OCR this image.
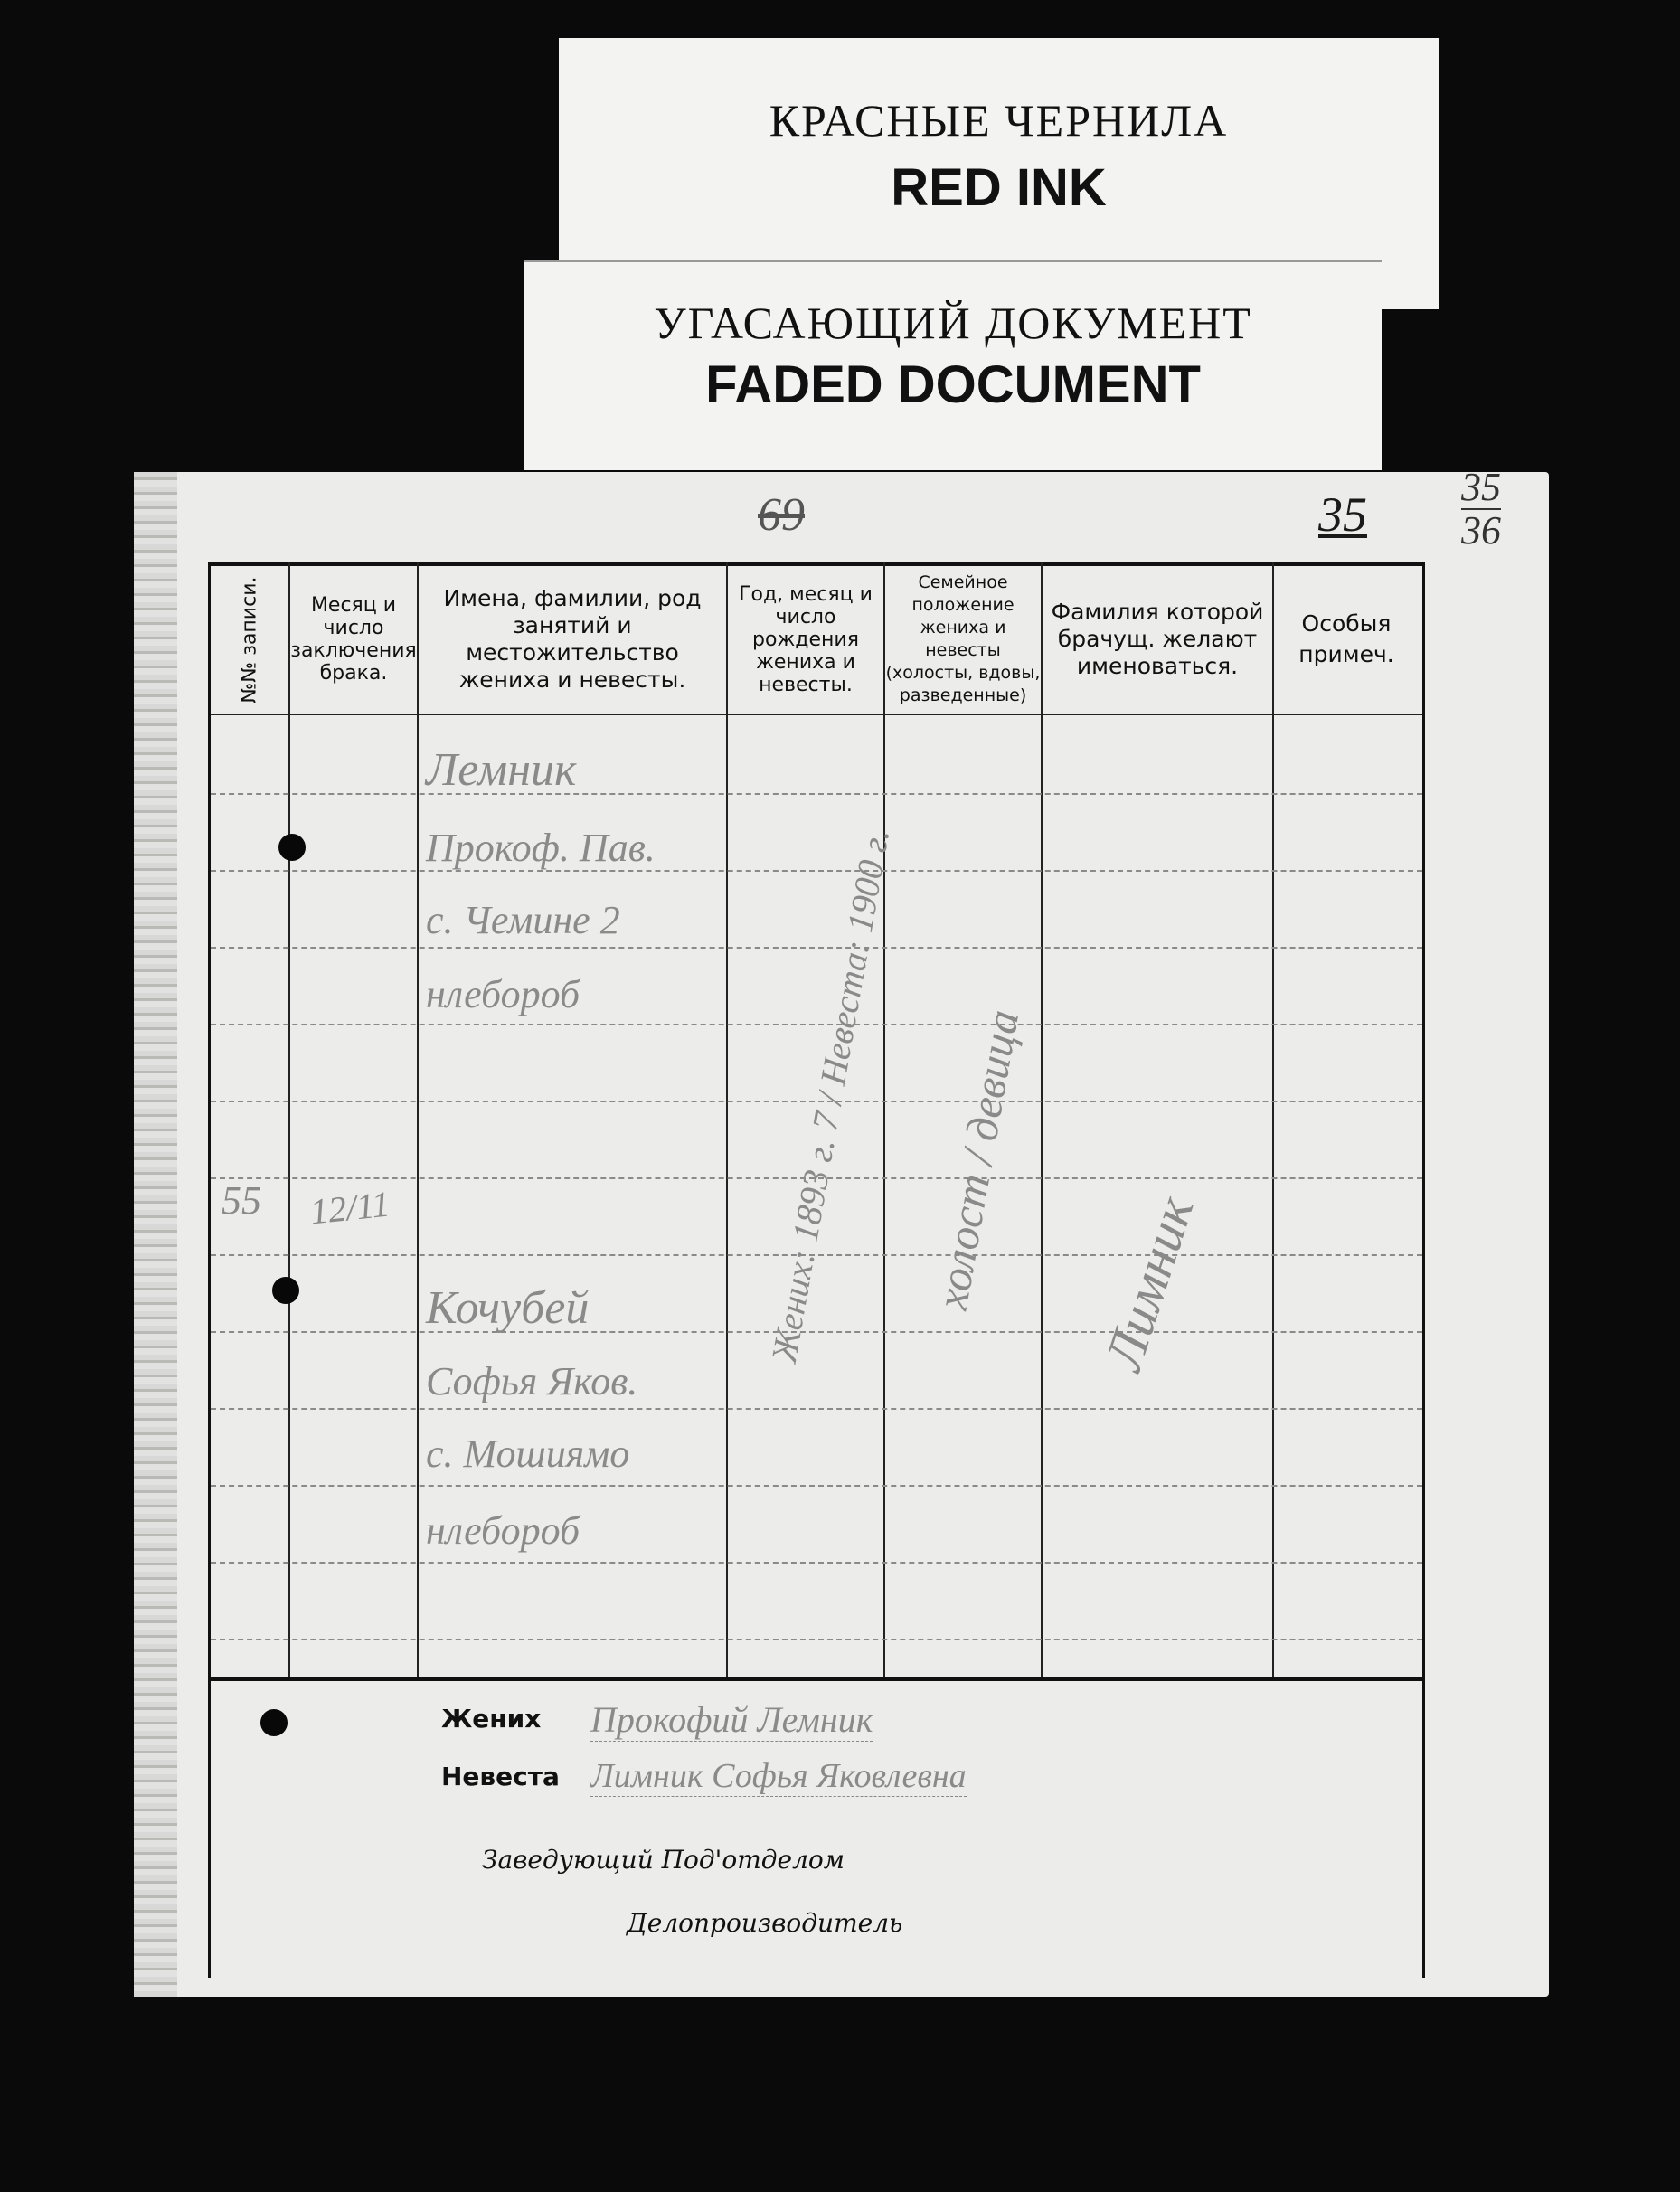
КРАСНЫЕ ЧЕРНИЛА
RED INK
УГАСАЮЩИЙ ДОКУМЕНТ
FADED DOCUMENT
69	35
35
36
№№ записи.	Месяц и число заключения брака.
Имена, фамилии, род занятий и местожительство жениха и невесты.
Год, месяц и число рождения жениха и невесты.
Семейное положение жениха и невесты (холосты, вдовы, разведенные)
Фамилия которой брачущ. желают именоваться.
Особыя примеч.
55 12/11
Лемник
Прокоф. Пав.
с. Чемине 2
нлебороб
Кочубей
Софья Яков.
с. Мошиямо
нлебороб
Жених: 1893 г. 7 / Невеста: 1900 г. холост / девица Лимник
Жених
Невеста
Прокофий Лемник
Лимник Софья Яковлевна
Заведующий Под'отделом
Делопроизводитель
